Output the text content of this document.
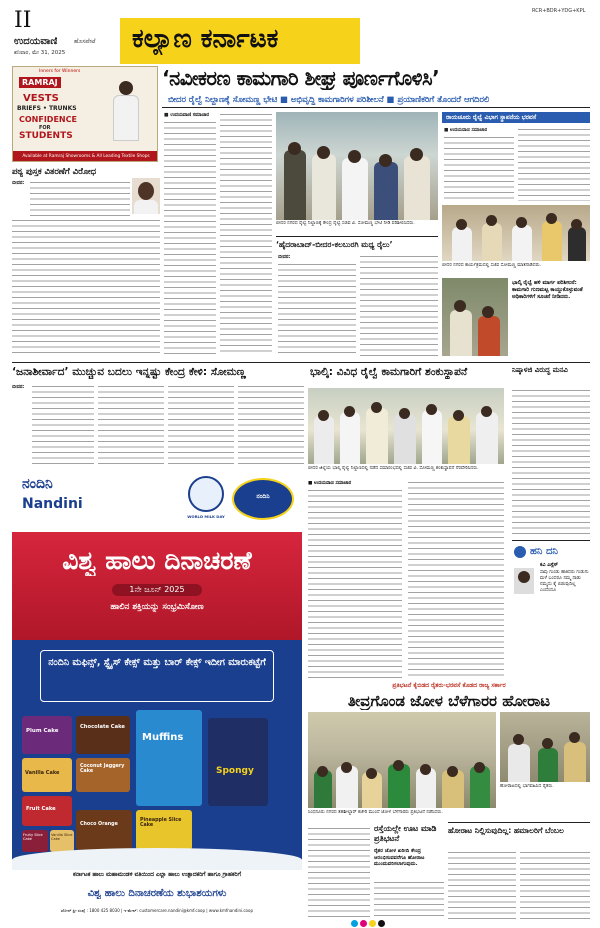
II
ಉದಯವಾಣಿ	ಹೊಸಪೇಟೆ
ಶನಿವಾರ, ಮೇ 31, 2025	ಕಲ್ಯಾಣ ಕರ್ನಾಟಕ
RCR+BDR+YDG+KPL
Inners for Winners
RAMRAJ
VESTS
BRIEFS • TRUNKS
CONFIDENCE
FOR
STUDENTS
Available at Ramraj Showrooms & All Leading Textile Shops
‘ನವೀಕರಣ ಕಾಮಗಾರಿ ಶೀಘ್ರ ಪೂರ್ಣಗೊಳಿಸಿ’
ಬೀದರ ರೈಲ್ವೆ ನಿಲ್ದಾಣಕ್ಕೆ ಸೋಮಣ್ಣ ಭೇಟಿ ■ ಅಭಿವೃದ್ಧಿ ಕಾಮಗಾರಿಗಳ ಪರಿಶೀಲನೆ ■ ಪ್ರಯಾಣಿಕರಿಗೆ ತೊಂದರೆ ಆಗದಿರಲಿ
■ ಉದಯವಾಣಿ ಸಮಾಚಾರ
ಬೀದರ ನಗರದ ರೈಲ್ವೆ ನಿಲ್ದಾಣಕ್ಕೆ ಕೇಂದ್ರ ರೈಲ್ವೆ ಸಚಿವ ವಿ. ಸೋಮಣ್ಣ ಭೇಟಿ ನೀಡಿ ಪರಿಶೀಲಿಸಿದರು.
ರಾಯಚೂರು ರೈಲ್ವೆ ವಿಭಾಗ ಸ್ಥಾಪನೆಯ ಭರವಸೆ
■ ಉದಯವಾಣಿ ಸಮಾಚಾರ
ಬೀದರ ನಗರದ ಕಾರ್ಯಕ್ರಮದಲ್ಲಿ ಸಚಿವ ಸೋಮಣ್ಣ ಮಾತನಾಡಿದರು.
ಭಾಲ್ಕಿ ರೈಲ್ವೆ ಹಳಿ ಮಾರ್ಗ ಪರಿಶೀಲನೆ: ಕಾಮಗಾರಿ ಗುಣಮಟ್ಟ ಕಾಯ್ದುಕೊಳ್ಳುವಂತೆ ಅಧಿಕಾರಿಗಳಿಗೆ ಸೂಚನೆ ನೀಡಿದರು.
ಪಠ್ಯ ಪುಸ್ತಕ ವಿತರಣೆಗೆ ವಿರೋಧ
ಬೀದರ:
‘ಹೈದರಾಬಾದ್-ಬೀದರ-ಕಲಬುರಗಿ ಮಧ್ಯ ರೈಲು’
ಬೀದರ:
‘ಜನಾಶೀರ್ವಾದ’ ಮುಚ್ಚುವ ಬದಲು ಇನ್ನಷ್ಟು ಕೇಂದ್ರ ಕೇಳಿ: ಸೋಮಣ್ಣ
ಬೀದರ:
ಭಾಲ್ಕಿ: ವಿವಿಧ ರೈಲ್ವೆ ಕಾಮಗಾರಿಗೆ ಶಂಕುಸ್ಥಾಪನೆ
ಬೀದರ ಜಿಲ್ಲೆಯ ಭಾಲ್ಕಿ ರೈಲ್ವೆ ನಿಲ್ದಾಣದಲ್ಲಿ ನಡೆದ ಸಮಾರಂಭದಲ್ಲಿ ಸಚಿವ ವಿ. ಸೋಮಣ್ಣ ಶಂಕುಸ್ಥಾಪನೆ ನೆರವೇರಿಸಿದರು.
■ ಉದಯವಾಣಿ ಸಮಾಚಾರ
ನಿಷ್ಕಾಳಜಿ ವಿರುದ್ಧ ಮನವಿ
ಹನಿ ದನಿ
ಕವಿ ಎಸ್ಸೆಸ್
ಸಾವು ಗುಂಡು ಹಾಕಿದರು ಗುಡುಗು ಮಳೆ ಬಂದರೂ ನಮ್ಮ ನಾಡು ನಮ್ಮದು ಕೈ ಬಿಡುವುದಿಲ್ಲ ಎಂದೆಂದೂ
ನಂದಿನಿ
Nandini
WORLD MILK DAY
ನಂದಿನಿ
ವಿಶ್ವ ಹಾಲು ದಿನಾಚರಣೆ
1ನೇ ಜೂನ್ 2025
ಹಾಲಿನ ಶಕ್ತಿಯನ್ನು ಸಂಭ್ರಮಿಸೋಣ
ನಂದಿನಿ ಮಫಿನ್ಸ್, ಸ್ಪ್ಲೈಸ್ ಕೇಕ್ಸ್ ಮತ್ತು ಬಾರ್ ಕೇಕ್ಸ್ ಇದೀಗ ಮಾರುಕಟ್ಟೆಗೆ
Plum Cake
Chocolate Cake
Vanilla Cake
Coconut Jaggery Cake
Fruit Cake
Muffins
Spongy
Pineapple Slice Cake
Choco Orange
Fruity Slice Cake
Vanilla Slice Cake
ಕರ್ನಾಟಕ ಹಾಲು ಮಹಾಮಂಡಳಿ ವತಿಯಿಂದ ಎಲ್ಲಾ ಹಾಲು ಉತ್ಪಾದಕರಿಗೆ ಹಾಗೂ ಗ್ರಾಹಕರಿಗೆ
ವಿಶ್ವ ಹಾಲು ದಿನಾಚರಣೆಯ ಶುಭಾಶಯಗಳು
ಟೋಲ್ ಫ್ರೀ ಸಂಖ್ಯೆ : 1800 425 8030 | ಇ-ಮೇಲ್: customercare.nandini@kmf.coop | www.kmfnandini.coop
ಪ್ರತಿಭಟನೆ ಕೈಬಿಡದ ರೈತರು-ಭರವಸೆ ಕೊಡದ ರಾಜ್ಯ ಸರ್ಕಾರ
ತೀವ್ರಗೊಂಡ ಜೋಳ ಬೆಳೆಗಾರರ ಹೋರಾಟ
ಹೋರಾಟದಲ್ಲಿ ಭಾಗವಹಿಸಿದ ರೈತರು.
ಸಿಂಧನೂರು ನಗರದ ತಹಶೀಲ್ದಾರ್ ಕಚೇರಿ ಮುಂದೆ ಜೋಳ ಬೆಳೆಗಾರರು ಪ್ರತಿಭಟನೆ ನಡೆಸಿದರು.
ರಸ್ತೆಯಲ್ಲೇ ಊಟ ಮಾಡಿ ಪ್ರತಿಭಟನೆ
ರೈತರ ಜೋಳ ಖರೀದಿ ಕೇಂದ್ರ ಆರಂಭಿಸುವವರೆಗೂ ಹೋರಾಟ ಮುಂದುವರಿಸಲಾಗುವುದು.
ಹೋರಾಟ ನಿಲ್ಲಿಸುವುದಿಲ್ಲ: ಹಮಾಲರಿಗೆ ಬೆಂಬಲ
